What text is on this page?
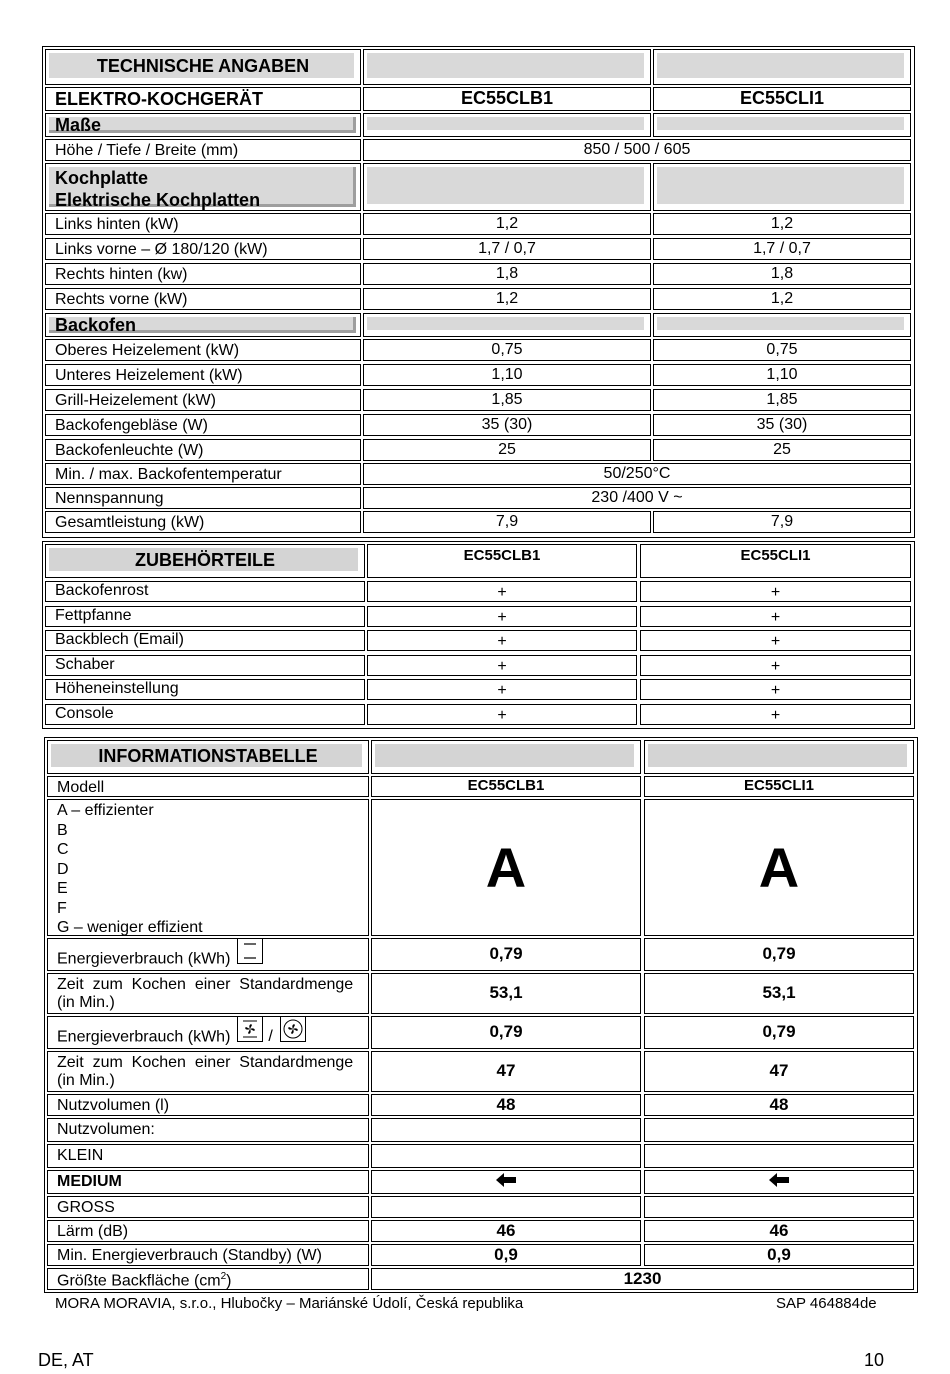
TECHNISCHE ANGABEN
ELEKTRO-KOCHGERÄT	EC55CLB1	EC55CLI1
Maße
Höhe / Tiefe / Breite (mm)	850 / 500 / 605
Kochplatte
Elektrische Kochplatten
Links hinten (kW)	1,2	1,2
Links vorne – Ø 180/120 (kW)	1,7 / 0,7	1,7 / 0,7
Rechts hinten (kw)	1,8	1,8
Rechts vorne (kW)	1,2	1,2
Backofen
Oberes Heizelement (kW)	0,75	0,75
Unteres Heizelement (kW)	1,10	1,10
Grill-Heizelement (kW)	1,85	1,85
Backofengebläse (W)	35 (30)	35 (30)
Backofenleuchte (W)	25	25
Min. / max. Backofentemperatur	50/250°C
Nennspannung	230 /400 V ~
Gesamtleistung (kW)	7,9	7,9
ZUBEHÖRTEILE	EC55CLB1	EC55CLI1
Backofenrost	+	+
Fettpfanne	+	+
Backblech (Email)	+	+
Schaber	+	+
Höheneinstellung	+	+
Console	+	+
INFORMATIONSTABELLE
Modell	EC55CLB1	EC55CLI1
A – effizienter
B
C
D
E
F
G – weniger effizient
A	A
Energieverbrauch (kWh)	0,79	0,79
Zeit  zum  Kochen  einer  Standardmenge
(in Min.)
53,1	53,1
Energieverbrauch (kWh) /	0,79	0,79
Zeit  zum  Kochen  einer  Standardmenge
(in Min.)
47	47
Nutzvolumen (l)	48	48
Nutzvolumen:
KLEIN
MEDIUM
GROSS
Lärm (dB)	46	46
Min. Energieverbrauch (Standby) (W)	0,9	0,9
Größte Backfläche $(cm^2)$	1230
MORA MORAVIA, s.r.o., Hlubočky – Mariánské Údolí, Česká republika	SAP 464884de
DE, AT	10
